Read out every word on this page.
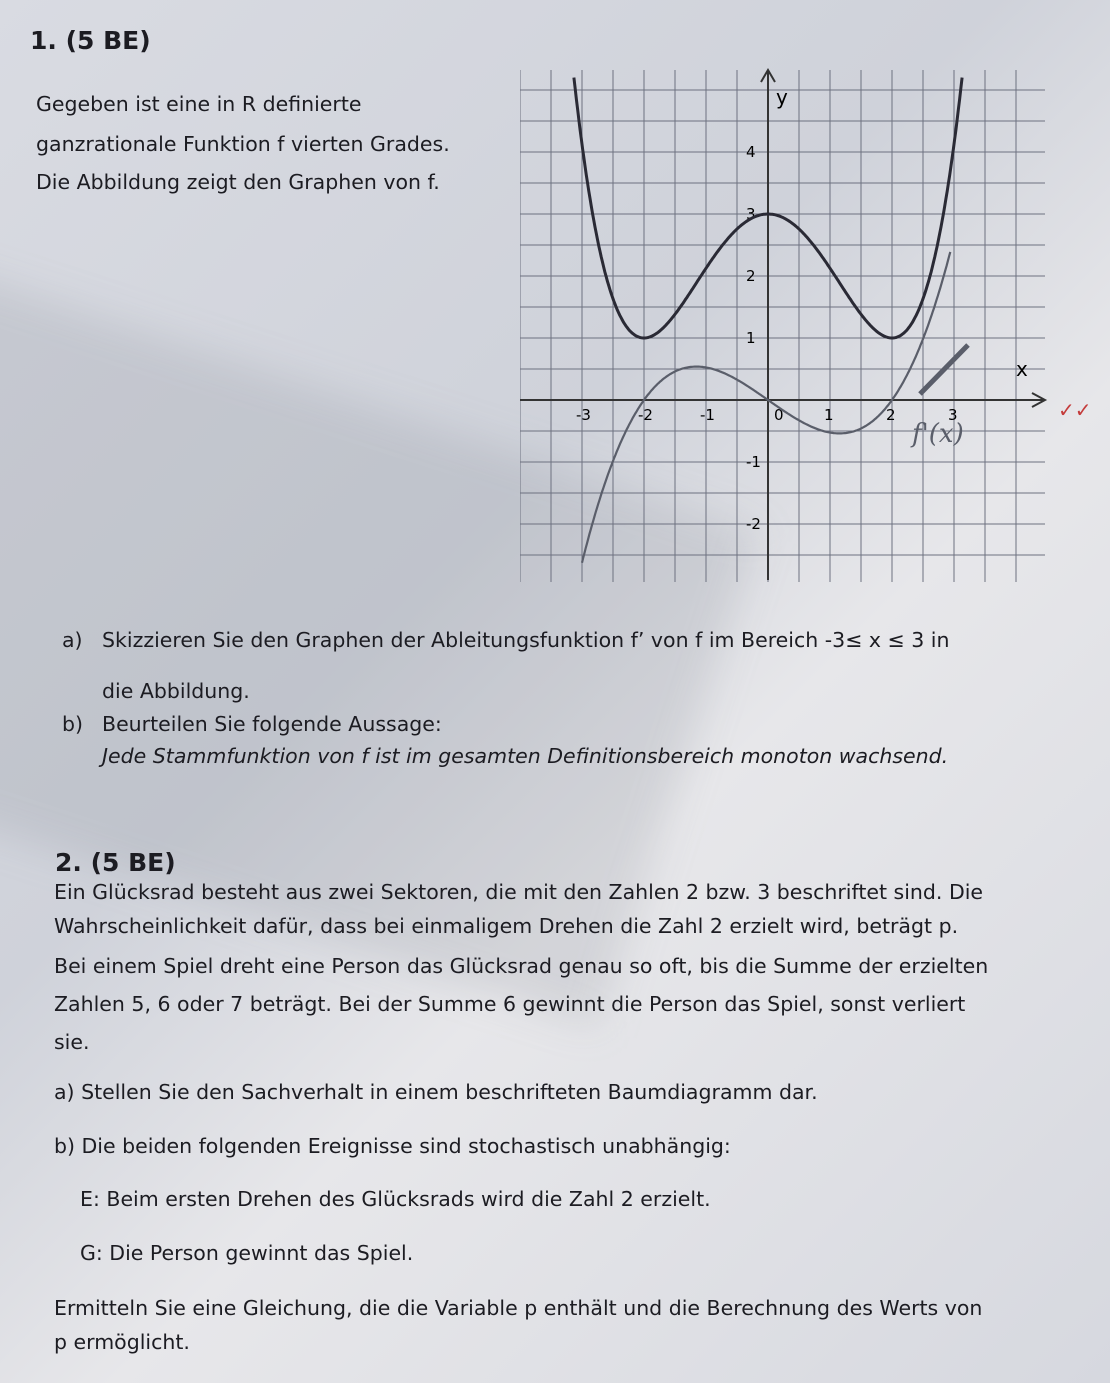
1. (5 BE)

Gegeben ist eine in R definierte

ganzrationale Funktion f vierten Grades.

Die Abbildung zeigt den Graphen von f.

x
y
-3	-2	-1	0	1	2	3
4
3
2
1
-1
-2
f'(x)
✓✓

a) Skizzieren Sie den Graphen der Ableitungsfunktion f’ von f im Bereich -3≤ x ≤ 3 in

die Abbildung.

b) Beurteilen Sie folgende Aussage:

Jede Stammfunktion von f ist im gesamten Definitionsbereich monoton wachsend.

2. (5 BE)

Ein Glücksrad besteht aus zwei Sektoren, die mit den Zahlen 2 bzw. 3 beschriftet sind. Die

Wahrscheinlichkeit dafür, dass bei einmaligem Drehen die Zahl 2 erzielt wird, beträgt p.

Bei einem Spiel dreht eine Person das Glücksrad genau so oft, bis die Summe der erzielten

Zahlen 5, 6 oder 7 beträgt. Bei der Summe 6 gewinnt die Person das Spiel, sonst verliert

sie.

a) Stellen Sie den Sachverhalt in einem beschrifteten Baumdiagramm dar.

b) Die beiden folgenden Ereignisse sind stochastisch unabhängig:

E: Beim ersten Drehen des Glücksrads wird die Zahl 2 erzielt.

G: Die Person gewinnt das Spiel.

Ermitteln Sie eine Gleichung, die die Variable p enthält und die Berechnung des Werts von

p ermöglicht.
